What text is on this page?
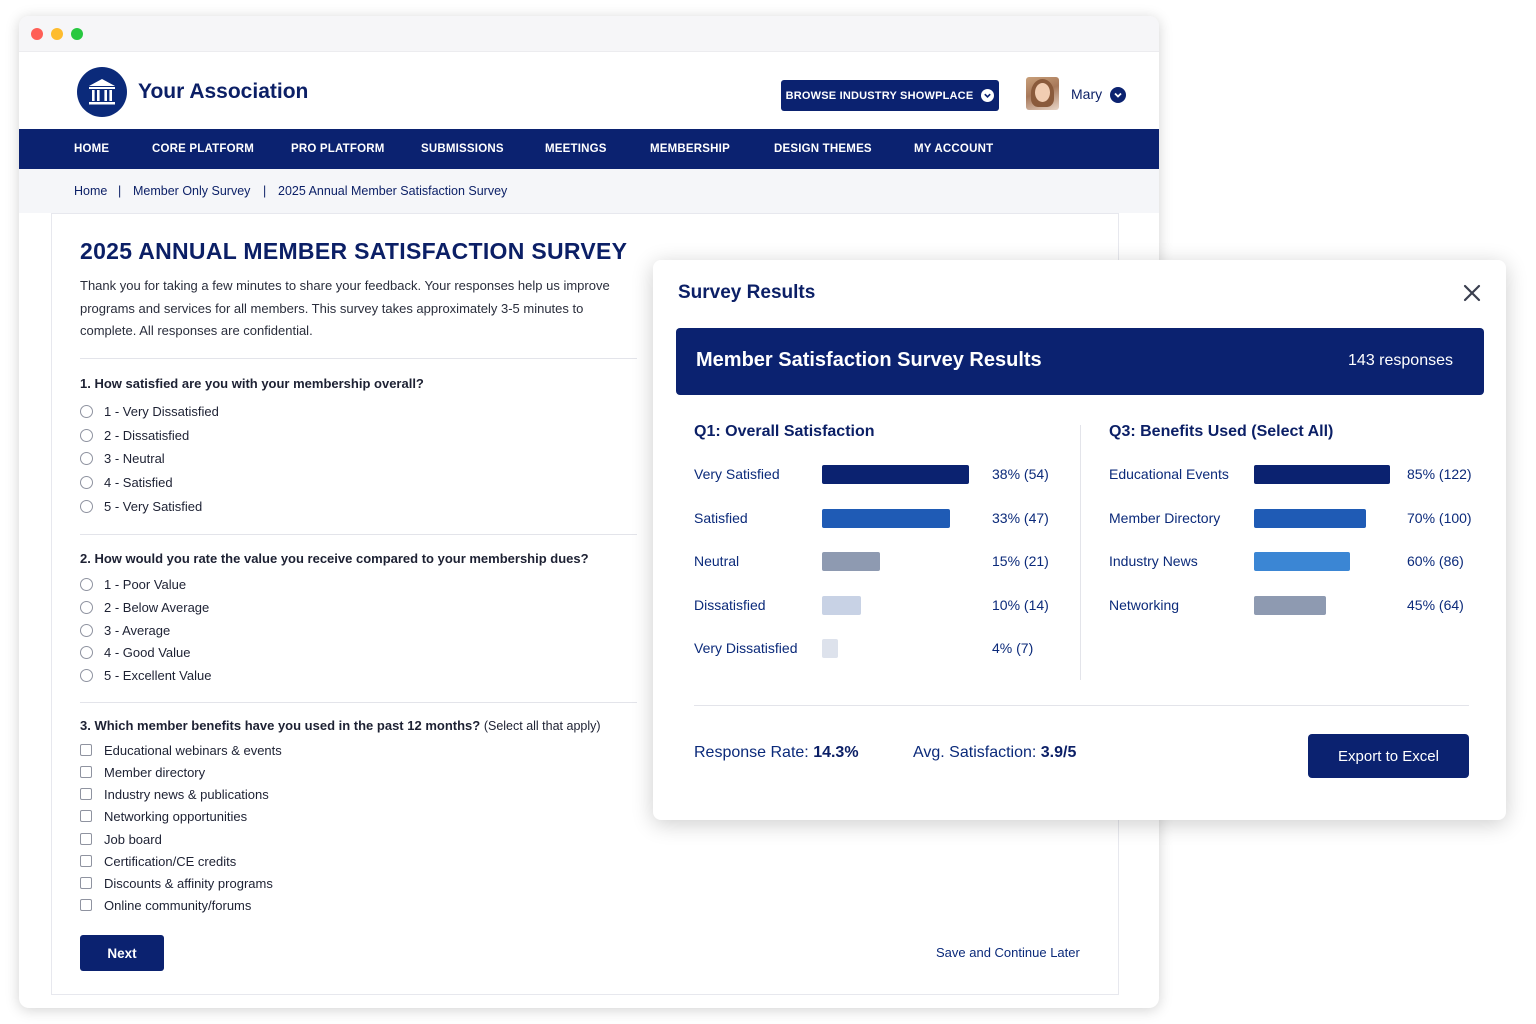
Your Association	BROWSE INDUSTRY SHOWPLACE	Mary
HOME	CORE PLATFORM	PRO PLATFORM	SUBMISSIONS	MEETINGS	MEMBERSHIP	DESIGN THEMES	MY ACCOUNT
Home | Member Only Survey | 2025 Annual Member Satisfaction Survey
2025 ANNUAL MEMBER SATISFACTION SURVEY
Thank you for taking a few minutes to share your feedback. Your responses help us improve programs and services for all members. This survey takes approximately 3-5 minutes to complete. All responses are confidential.
1. How satisfied are you with your membership overall?
1 - Very Dissatisfied
2 - Dissatisfied
3 - Neutral
4 - Satisfied
5 - Very Satisfied
2. How would you rate the value you receive compared to your membership dues?
1 - Poor Value
2 - Below Average
3 - Average
4 - Good Value
5 - Excellent Value
3. Which member benefits have you used in the past 12 months? (Select all that apply)
Educational webinars & events
Member directory
Industry news & publications
Networking opportunities
Job board
Certification/CE credits
Discounts & affinity programs
Online community/forums
Next	Save and Continue Later
Survey Results
Member Satisfaction Survey Results	143 responses
Q1: Overall Satisfaction	Q3: Benefits Used (Select All)
Very Satisfied	38% (54)
Satisfied	33% (47)
Neutral	15% (21)
Dissatisfied	10% (14)
Very Dissatisfied	4% (7)
Educational Events	85% (122)
Member Directory	70% (100)
Industry News	60% (86)
Networking	45% (64)
Response Rate: 14.3%	Avg. Satisfaction: 3.9/5	Export to Excel
